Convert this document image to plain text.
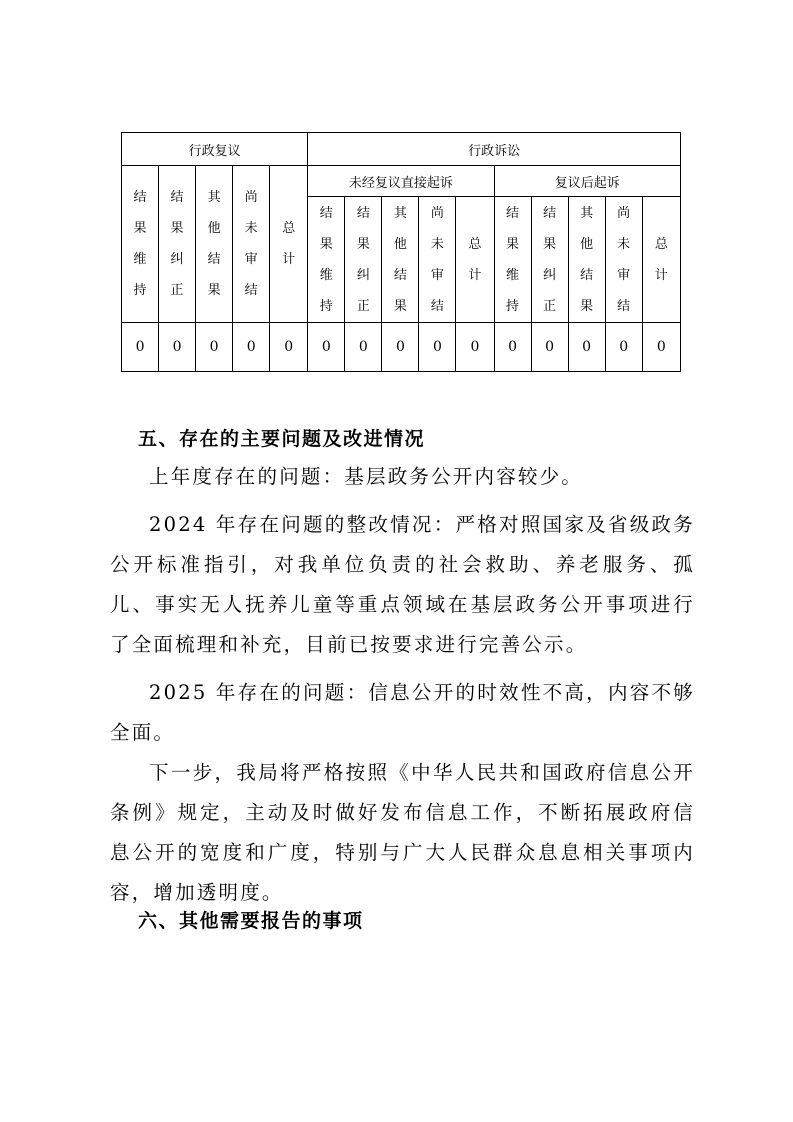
行政复议					行政诉讼									
结果维持	结果纠正	其他结果	尚未审结	总计	未经复议直接起诉					复议后起诉				
					结果维持	结果纠正	其他结果	尚未审结	总计	结果维持	结果纠正	其他结果	尚未审结	总计
0	0	0	0	0	0	0	0	0	0	0	0	0	0	0
五、存在的主要问题及改进情况
上年度存在的问题：基层政务公开内容较少。
2024 年存在问题的整改情况：严格对照国家及省级政务公开标准指引，对我单位负责的社会救助、养老服务、孤儿、事实无人抚养儿童等重点领域在基层政务公开事项进行了全面梳理和补充，目前已按要求进行完善公示。
2025 年存在的问题：信息公开的时效性不高，内容不够全面。
下一步，我局将严格按照《中华人民共和国政府信息公开条例》规定，主动及时做好发布信息工作，不断拓展政府信息公开的宽度和广度，特别与广大人民群众息息相关事项内容，增加透明度。
六、其他需要报告的事项
